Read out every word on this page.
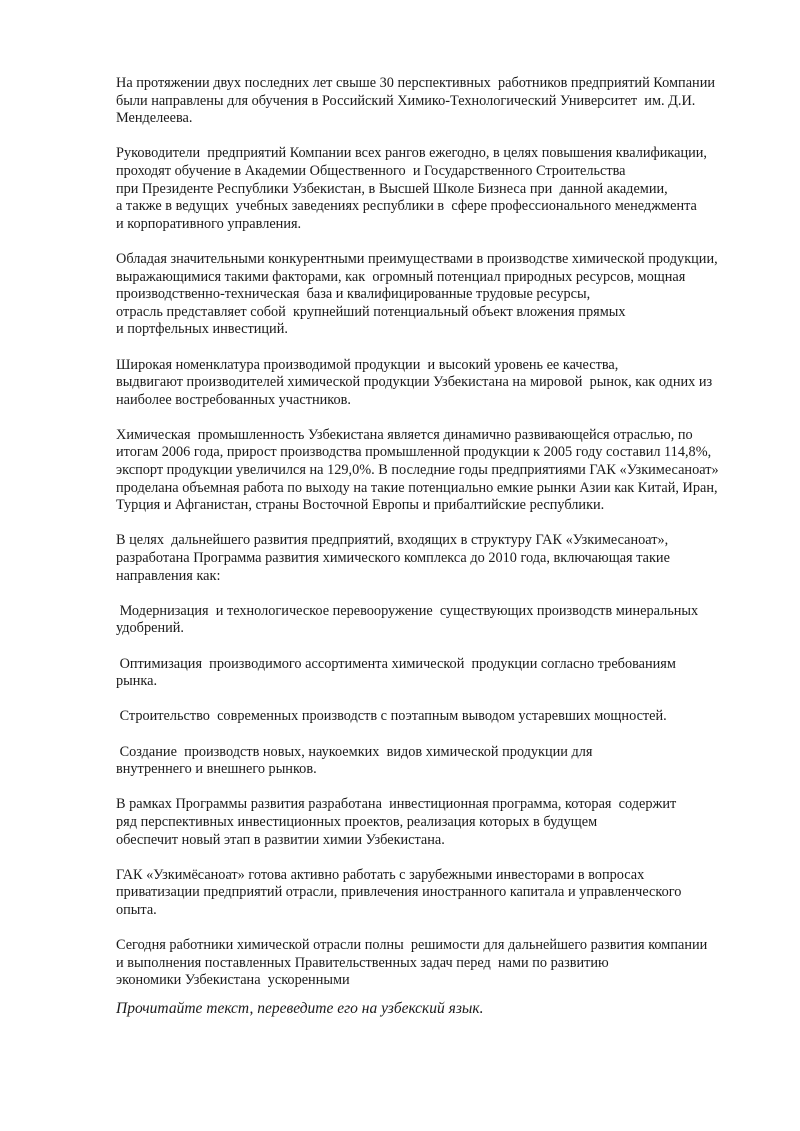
На протяжении двух последних лет свыше 30 перспективных  работников предприятий Компании
были направлены для обучения в Российский Химико-Технологический Университет  им. Д.И.
Менделеева.
Руководители  предприятий Компании всех рангов ежегодно, в целях повышения квалификации,
проходят обучение в Академии Общественного  и Государственного Строительства
при Президенте Республики Узбекистан, в Высшей Школе Бизнеса при  данной академии,
а также в ведущих  учебных заведениях республики в  сфере профессионального менеджмента
и корпоративного управления.
Обладая значительными конкурентными преимуществами в производстве химической продукции,
выражающимися такими факторами, как  огромный потенциал природных ресурсов, мощная
производственно-техническая  база и квалифицированные трудовые ресурсы,
отрасль представляет собой  крупнейший потенциальный объект вложения прямых
и портфельных инвестиций.
Широкая номенклатура производимой продукции  и высокий уровень ее качества,
выдвигают производителей химической продукции Узбекистана на мировой  рынок, как одних из
наиболее востребованных участников.
Химическая  промышленность Узбекистана является динамично развивающейся отраслью, по
итогам 2006 года, прирост производства промышленной продукции к 2005 году составил 114,8%,
экспорт продукции увеличился на 129,0%. В последние годы предприятиями ГАК «Узкимесаноат»
проделана объемная работа по выходу на такие потенциально емкие рынки Азии как Китай, Иран,
Турция и Афганистан, страны Восточной Европы и прибалтийские республики.
В целях  дальнейшего развития предприятий, входящих в структуру ГАК «Узкимесаноат»,
разработана Программа развития химического комплекса до 2010 года, включающая такие
направления как:
Модернизация  и технологическое перевооружение  существующих производств минеральных
удобрений.
Оптимизация  производимого ассортимента химической  продукции согласно требованиям
рынка.
Строительство  современных производств с поэтапным выводом устаревших мощностей.
Создание  производств новых, наукоемких  видов химической продукции для
внутреннего и внешнего рынков.
В рамках Программы развития разработана  инвестиционная программа, которая  содержит
ряд перспективных инвестиционных проектов, реализация которых в будущем
обеспечит новый этап в развитии химии Узбекистана.
ГАК «Узкимёсаноат» готова активно работать с зарубежными инвесторами в вопросах
приватизации предприятий отрасли, привлечения иностранного капитала и управленческого
опыта.
Сегодня работники химической отрасли полны  решимости для дальнейшего развития компании
и выполнения поставленных Правительственных задач перед  нами по развитию
экономики Узбекистана  ускоренными
Прочитайте текст, переведите его на узбекский язык.
